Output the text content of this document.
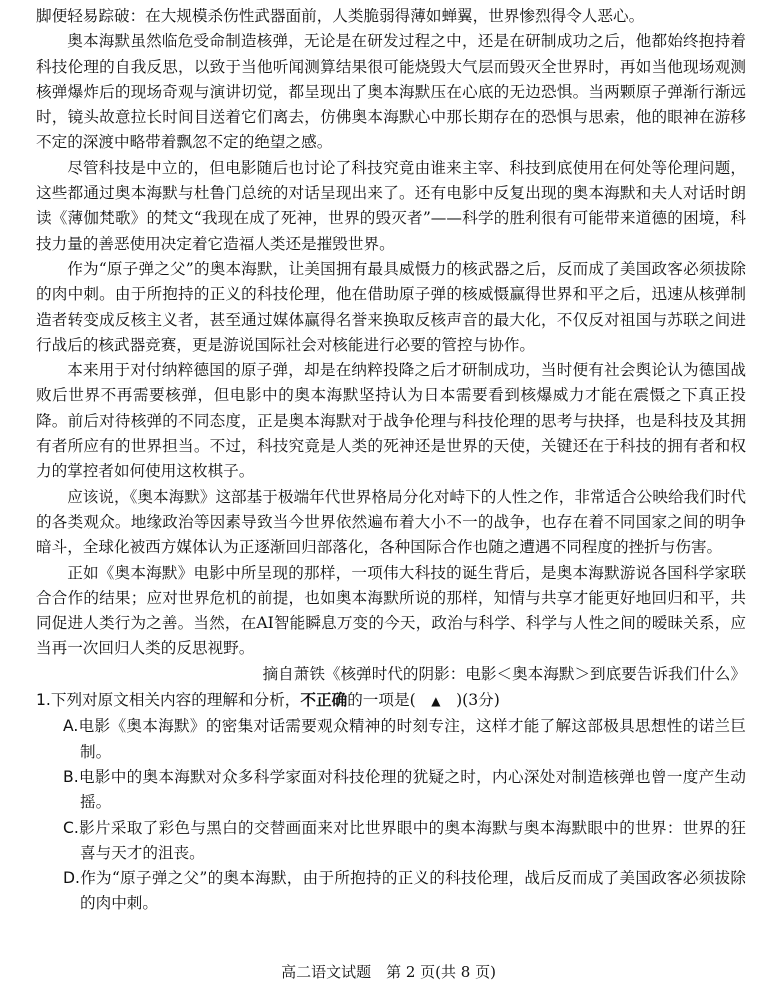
脚便轻易踪破：在大规模杀伤性武器面前，人类脆弱得薄如蝉翼，世界惨烈得令人恶心。

奥本海默虽然临危受命制造核弹，无论是在研发过程之中，还是在研制成功之后，他都始终抱持着科技伦理的自我反思，以致于当他听闻测算结果很可能烧毁大气层而毁灭全世界时，再如当他现场观测核弹爆炸后的现场奇观与演讲切觉，都呈现出了奥本海默压在心底的无边恐惧。当两颗原子弹渐行渐远时，镜头故意拉长时间目送着它们离去，仿佛奥本海默心中那长期存在的恐惧与思索，他的眼神在游移不定的深渡中略带着飘忽不定的绝望之感。

尽管科技是中立的，但电影随后也讨论了科技究竟由谁来主宰、科技到底使用在何处等伦理问题，这些都通过奥本海默与杜鲁门总统的对话呈现出来了。还有电影中反复出现的奥本海默和夫人对话时朗读《薄伽梵歌》的梵文“我现在成了死神，世界的毁灭者”——科学的胜利很有可能带来道德的困境，科技力量的善恶使用决定着它造福人类还是摧毁世界。

作为“原子弹之父”的奥本海默，让美国拥有最具威慑力的核武器之后，反而成了美国政客必须拔除的肉中刺。由于所抱持的正义的科技伦理，他在借助原子弹的核威慑赢得世界和平之后，迅速从核弹制造者转变成反核主义者，甚至通过媒体赢得名誉来换取反核声音的最大化，不仅反对祖国与苏联之间进行战后的核武器竞赛，更是游说国际社会对核能进行必要的管控与协作。

本来用于对付纳粹德国的原子弹，却是在纳粹投降之后才研制成功，当时便有社会舆论认为德国战败后世界不再需要核弹，但电影中的奥本海默坚持认为日本需要看到核爆威力才能在震慑之下真正投降。前后对待核弹的不同态度，正是奥本海默对于战争伦理与科技伦理的思考与抉择，也是科技及其拥有者所应有的世界担当。不过，科技究竟是人类的死神还是世界的天使，关键还在于科技的拥有者和权力的掌控者如何使用这枚棋子。

应该说，《奥本海默》这部基于极端年代世界格局分化对峙下的人性之作，非常适合公映给我们时代的各类观众。地缘政治等因素导致当今世界依然遍布着大小不一的战争，也存在着不同国家之间的明争暗斗，全球化被西方媒体认为正逐渐回归部落化，各种国际合作也随之遭遇不同程度的挫折与伤害。

正如《奥本海默》电影中所呈现的那样，一项伟大科技的诞生背后，是奥本海默游说各国科学家联合合作的结果；应对世界危机的前提，也如奥本海默所说的那样，知情与共享才能更好地回归和平，共同促进人类行为之善。当然，在AI智能瞬息万变的今天，政治与科学、科学与人性之间的暧昧关系，应当再一次回归人类的反思视野。

摘自萧铁《核弹时代的阴影：电影＜奥本海默＞到底要告诉我们什么》

1.下列对原文相关内容的理解和分析，不正确的一项是(　▲　)(3分)

A.电影《奥本海默》的密集对话需要观众精神的时刻专注，这样才能了解这部极具思想性的诺兰巨制。

B.电影中的奥本海默对众多科学家面对科技伦理的犹疑之时，内心深处对制造核弹也曾一度产生动摇。

C.影片采取了彩色与黑白的交替画面来对比世界眼中的奥本海默与奥本海默眼中的世界：世界的狂喜与天才的沮丧。

D.作为“原子弹之父”的奥本海默，由于所抱持的正义的科技伦理，战后反而成了美国政客必须拔除的肉中刺。

高二语文试题　第 2 页(共 8 页)
